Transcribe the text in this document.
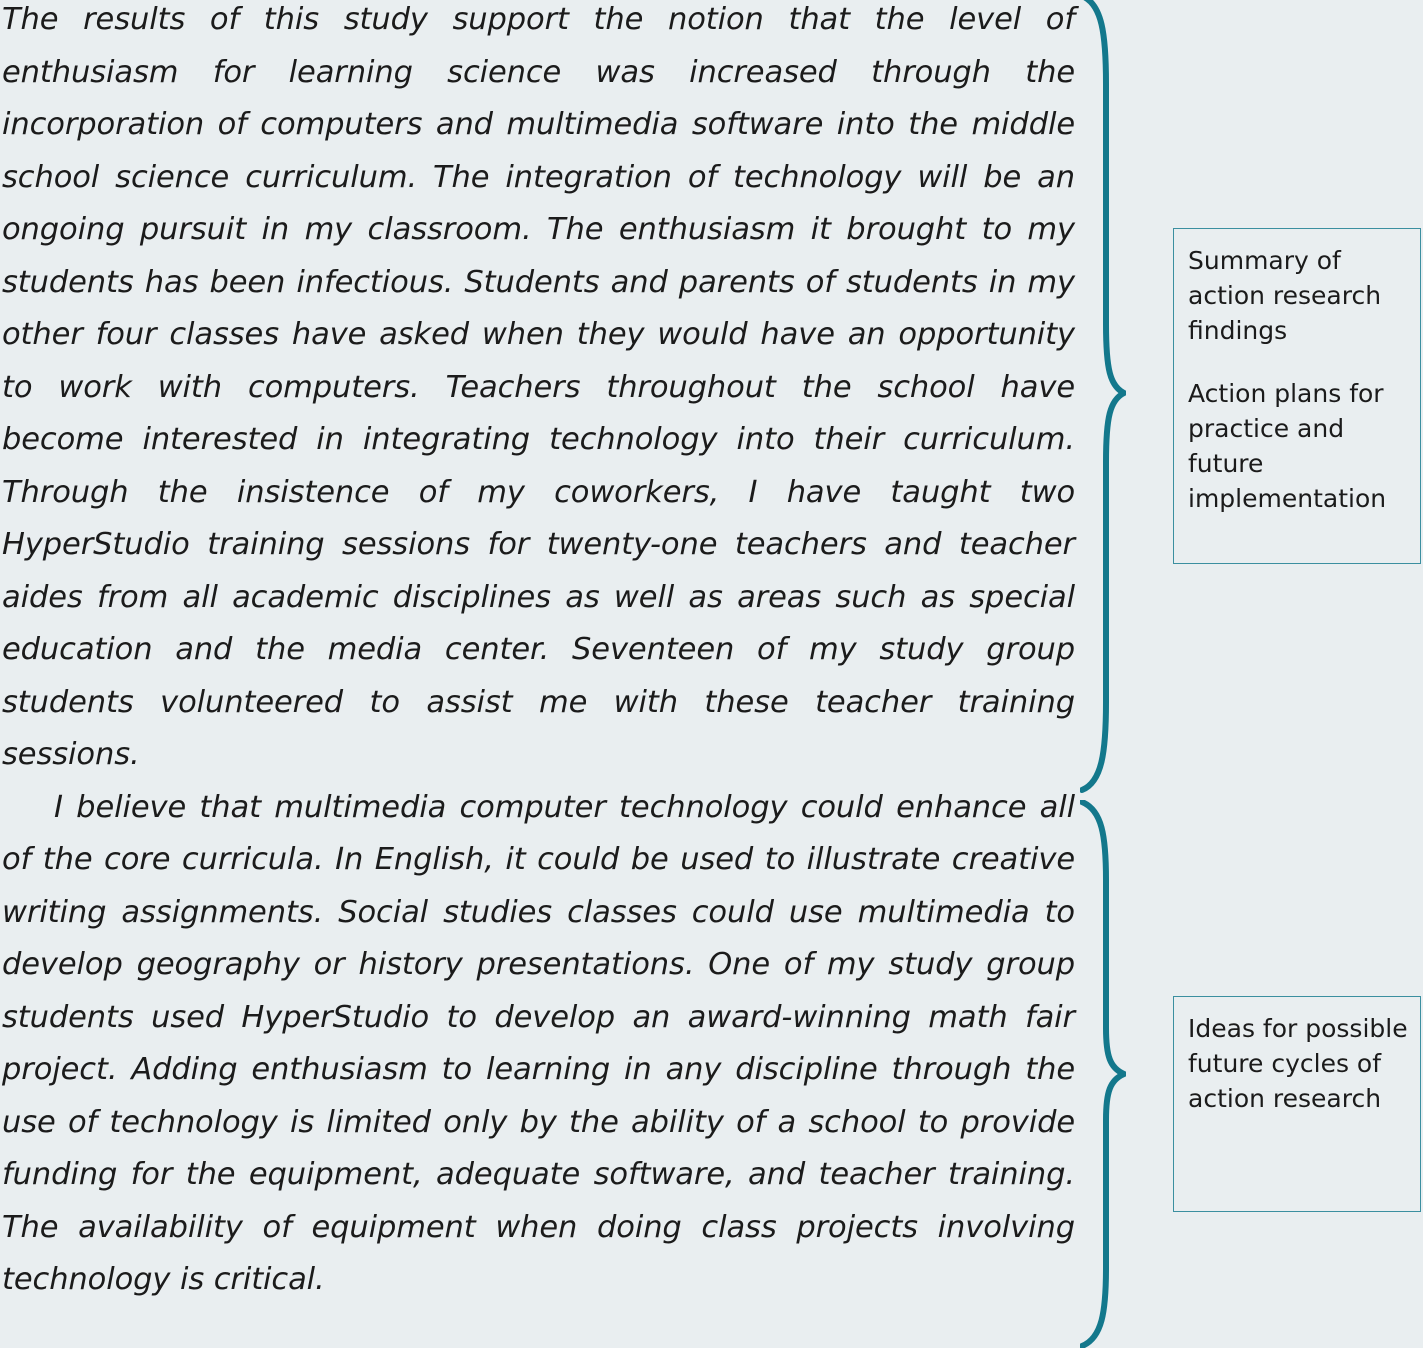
The results of this study support the notion that the level of enthusiasm for learning science was increased through the incorporation of computers and multimedia software into the middle school science curriculum. The integration of technology will be an ongoing pursuit in my classroom. The enthusiasm it brought to my students has been infectious. Students and parents of students in my other four classes have asked when they would have an opportunity to work with computers. Teachers throughout the school have become interested in integrating technology into their curriculum. Through the insistence of my coworkers, I have taught two HyperStudio training sessions for twenty-one teachers and teacher aides from all academic disciplines as well as areas such as special education and the media center. Seventeen of my study group students volunteered to assist me with these teacher training sessions.

I believe that multimedia computer technology could enhance all of the core curricula. In English, it could be used to illustrate creative writing assignments. Social studies classes could use multimedia to develop geography or history presentations. One of my study group students used HyperStudio to develop an award-winning math fair project. Adding enthusiasm to learning in any discipline through the use of technology is limited only by the ability of a school to provide funding for the equipment, adequate software, and teacher training. The availability of equipment when doing class projects involving technology is critical.

Summary of action research findings

Action plans for practice and future implementation

Ideas for possible future cycles of action research
